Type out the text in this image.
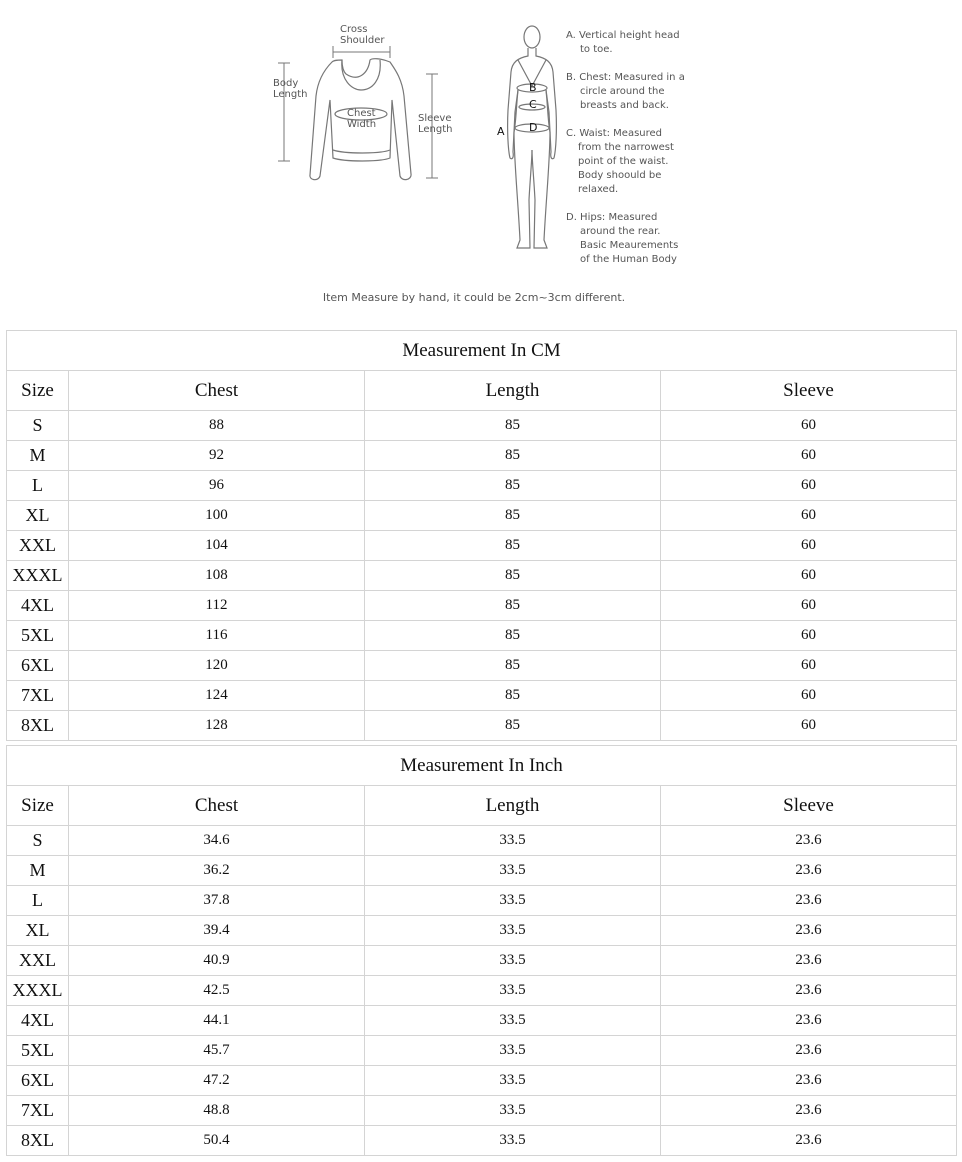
Cross
Shoulder
Body
Length
Chest
Width
Sleeve
Length	A
B
C
D
A. Vertical height head
to toe.
B. Chest: Measured in a
circle around the
breasts and back.
C. Waist: Measured
from the narrowest
point of the waist.
Body shoould be
relaxed.
D. Hips: Measured
around the rear.
Basic Meaurements
of the Human Body
Item Measure by hand, it could be 2cm~3cm different.
Measurement In CM			
Size	Chest	Length	Sleeve
S	88	85	60
M	92	85	60
L	96	85	60
XL	100	85	60
XXL	104	85	60
XXXL	108	85	60
4XL	112	85	60
5XL	116	85	60
6XL	120	85	60
7XL	124	85	60
8XL	128	85	60
Measurement In Inch			
Size	Chest	Length	Sleeve
S	34.6	33.5	23.6
M	36.2	33.5	23.6
L	37.8	33.5	23.6
XL	39.4	33.5	23.6
XXL	40.9	33.5	23.6
XXXL	42.5	33.5	23.6
4XL	44.1	33.5	23.6
5XL	45.7	33.5	23.6
6XL	47.2	33.5	23.6
7XL	48.8	33.5	23.6
8XL	50.4	33.5	23.6
